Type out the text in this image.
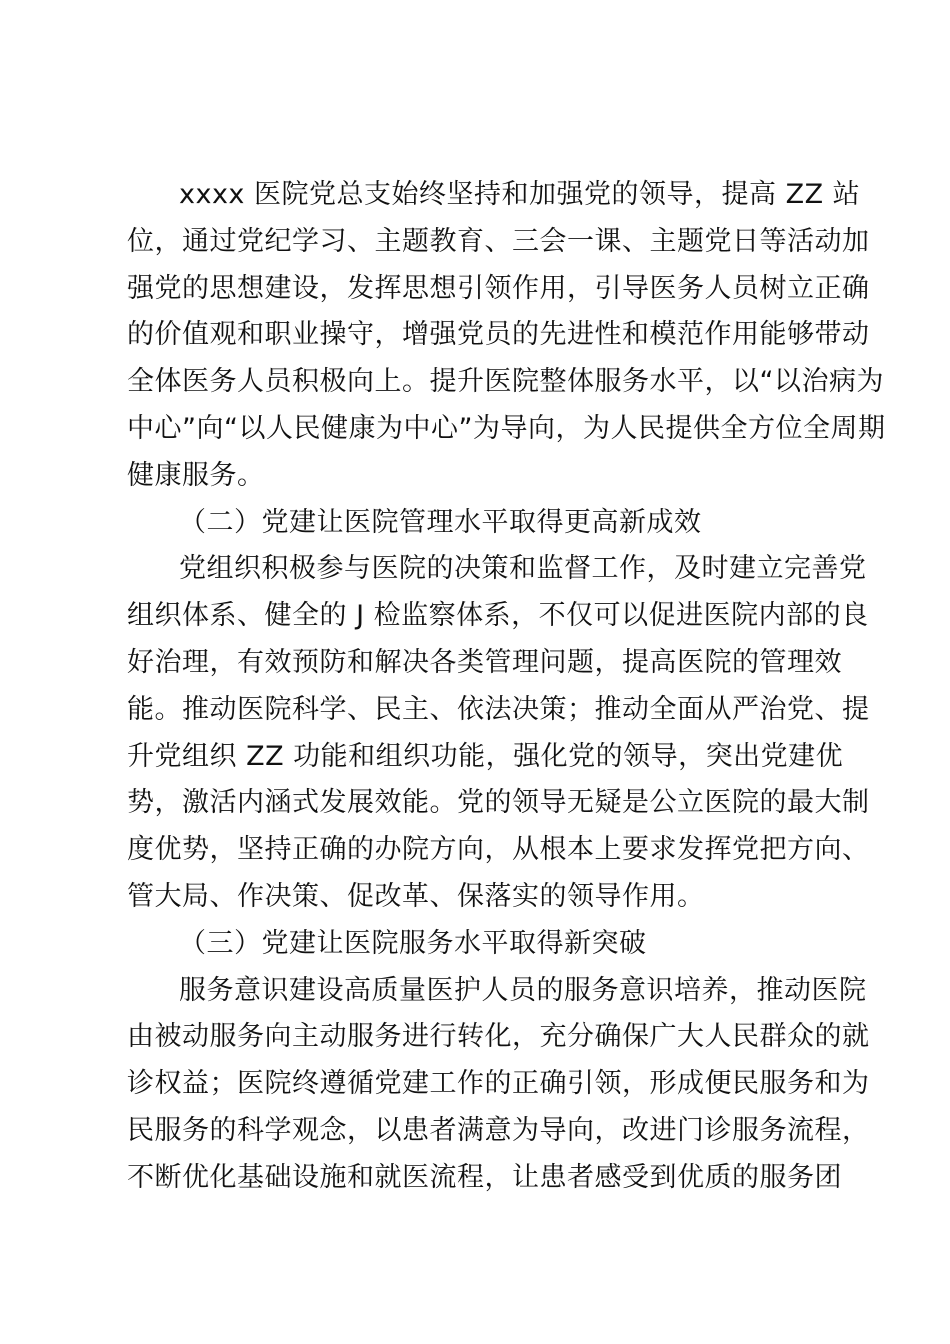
xxxx 医院党总支始终坚持和加强党的领导，提高 ZZ 站
位，通过党纪学习、主题教育、三会一课、主题党日等活动加
强党的思想建设，发挥思想引领作用，引导医务人员树立正确
的价值观和职业操守，增强党员的先进性和模范作用能够带动
全体医务人员积极向上。提升医院整体服务水平，以“以治病为
中心”向“以人民健康为中心”为导向，为人民提供全方位全周期
健康服务。
（二）党建让医院管理水平取得更高新成效
党组织积极参与医院的决策和监督工作，及时建立完善党
组织体系、健全的 J 检监察体系，不仅可以促进医院内部的良
好治理，有效预防和解决各类管理问题，提高医院的管理效
能。推动医院科学、民主、依法决策；推动全面从严治党、提
升党组织 ZZ 功能和组织功能，强化党的领导，突出党建优
势，激活内涵式发展效能。党的领导无疑是公立医院的最大制
度优势，坚持正确的办院方向，从根本上要求发挥党把方向、
管大局、作决策、促改革、保落实的领导作用。
（三）党建让医院服务水平取得新突破
服务意识建设高质量医护人员的服务意识培养，推动医院
由被动服务向主动服务进行转化，充分确保广大人民群众的就
诊权益；医院终遵循党建工作的正确引领，形成便民服务和为
民服务的科学观念，以患者满意为导向，改进门诊服务流程，
不断优化基础设施和就医流程，让患者感受到优质的服务团
